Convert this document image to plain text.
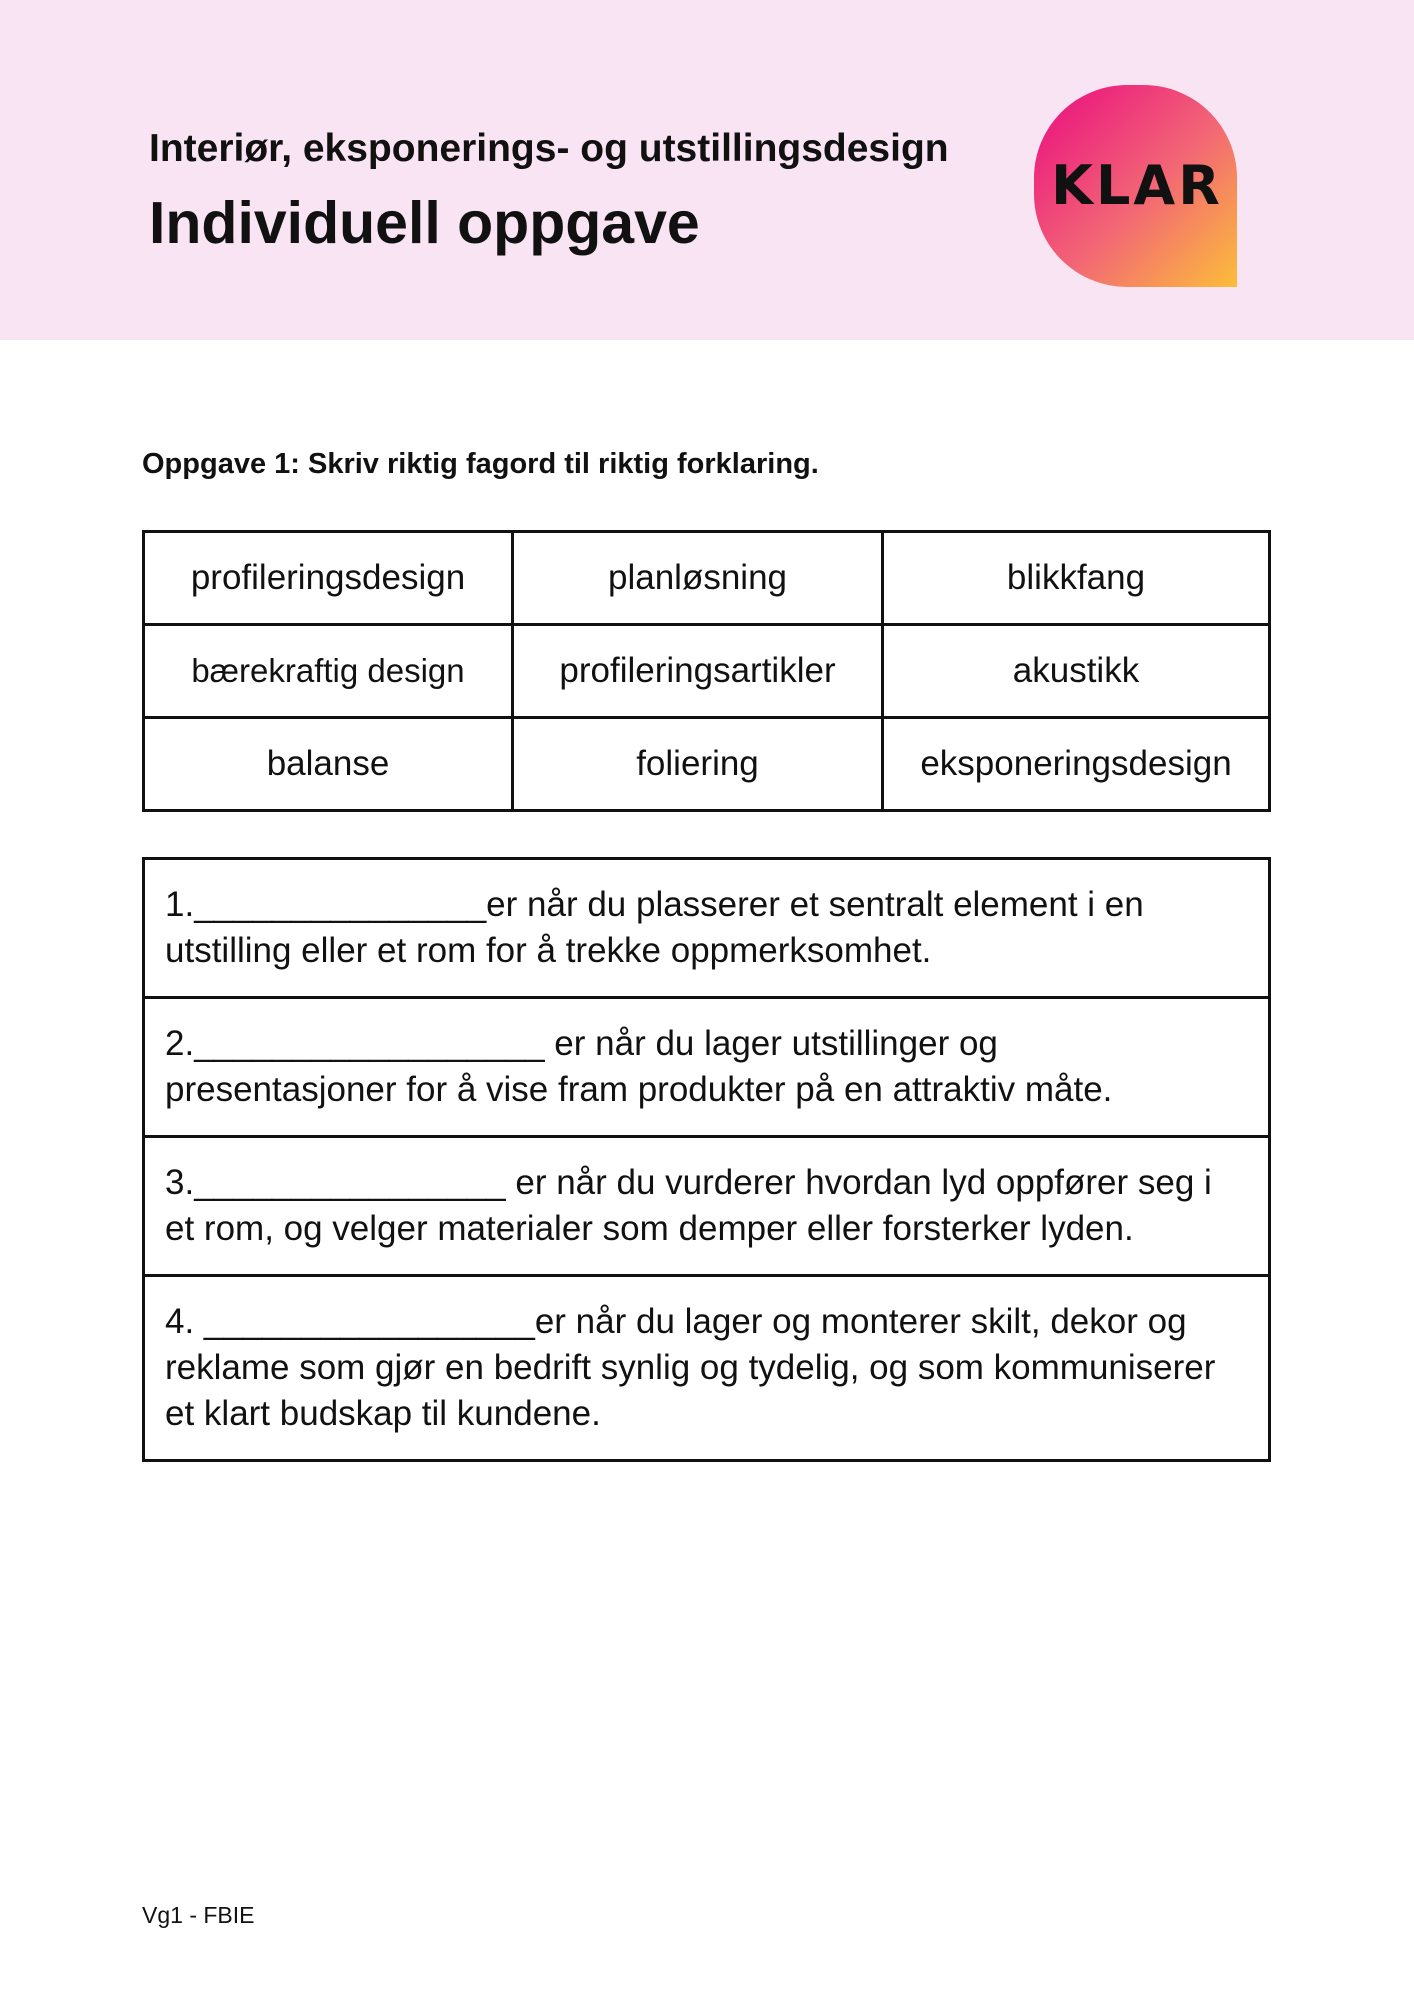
Interiør, eksponerings- og utstillingsdesign
Individuell oppgave
KLAR
Oppgave 1: Skriv riktig fagord til riktig forklaring.
profileringsdesign	planløsning	blikkfang
bærekraftig design	profileringsartikler	akustikk
balanse	foliering	eksponeringsdesign
1._______________er når du plasserer et sentralt element i en
utstilling eller et rom for å trekke oppmerksomhet.
2.__________________ er når du lager utstillinger og
presentasjoner for å vise fram produkter på en attraktiv måte.
3.________________ er når du vurderer hvordan lyd oppfører seg i
et rom, og velger materialer som demper eller forsterker lyden.
4. _________________er når du lager og monterer skilt, dekor og
reklame som gjør en bedrift synlig og tydelig, og som kommuniserer
et klart budskap til kundene.
Vg1 - FBIE
